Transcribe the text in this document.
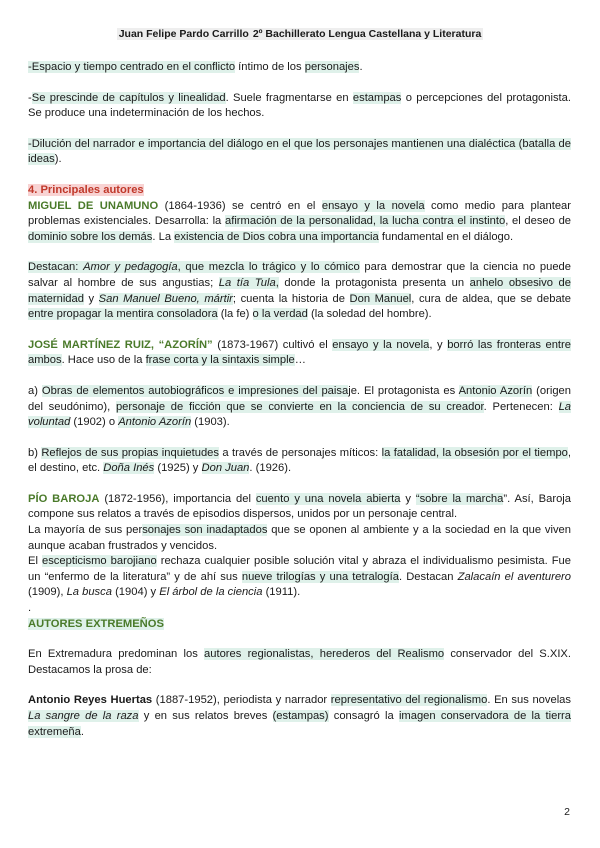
Juan Felipe Pardo Carrillo 2º Bachillerato Lengua Castellana y Literatura

-Espacio y tiempo centrado en el conflicto íntimo de los personajes.

-Se prescinde de capítulos y linealidad. Suele fragmentarse en estampas o percepciones del protagonista. Se produce una indeterminación de los hechos.

-Dilución del narrador e importancia del diálogo en el que los personajes mantienen una dialéctica (batalla de ideas).

4. Principales autores

MIGUEL DE UNAMUNO (1864-1936) se centró en el ensayo y la novela como medio para plantear problemas existenciales. Desarrolla: la afirmación de la personalidad, la lucha contra el instinto, el deseo de dominio sobre los demás. La existencia de Dios cobra una importancia fundamental en el diálogo.

Destacan: Amor y pedagogía, que mezcla lo trágico y lo cómico para demostrar que la ciencia no puede salvar al hombre de sus angustias; La tía Tula, donde la protagonista presenta un anhelo obsesivo de maternidad y San Manuel Bueno, mártir; cuenta la historia de Don Manuel, cura de aldea, que se debate entre propagar la mentira consoladora (la fe) o la verdad (la soledad del hombre).

JOSÉ MARTÍNEZ RUIZ, “AZORÍN” (1873-1967) cultivó el ensayo y la novela, y borró las fronteras entre ambos. Hace uso de la frase corta y la sintaxis simple…

a) Obras de elementos autobiográficos e impresiones del paisaje. El protagonista es Antonio Azorín (origen del seudónimo), personaje de ficción que se convierte en la conciencia de su creador. Pertenecen: La voluntad (1902) o Antonio Azorín (1903).

b) Reflejos de sus propias inquietudes a través de personajes míticos: la fatalidad, la obsesión por el tiempo, el destino, etc. Doña Inés (1925) y Don Juan. (1926).

PÍO BAROJA (1872-1956), importancia del cuento y una novela abierta y “sobre la marcha”. Así, Baroja compone sus relatos a través de episodios dispersos, unidos por un personaje central.

La mayoría de sus personajes son inadaptados que se oponen al ambiente y a la sociedad en la que viven aunque acaban frustrados y vencidos.

El escepticismo barojiano rechaza cualquier posible solución vital y abraza el individualismo pesimista. Fue un “enfermo de la literatura” y de ahí sus nueve trilogías y una tetralogía. Destacan Zalacaín el aventurero (1909), La busca (1904) y El árbol de la ciencia (1911).

.

AUTORES EXTREMEÑOS

En Extremadura predominan los autores regionalistas, herederos del Realismo conservador del S.XIX. Destacamos la prosa de:

Antonio Reyes Huertas (1887-1952), periodista y narrador representativo del regionalismo. En sus novelas La sangre de la raza y en sus relatos breves (estampas) consagró la imagen conservadora de la tierra extremeña.

2
